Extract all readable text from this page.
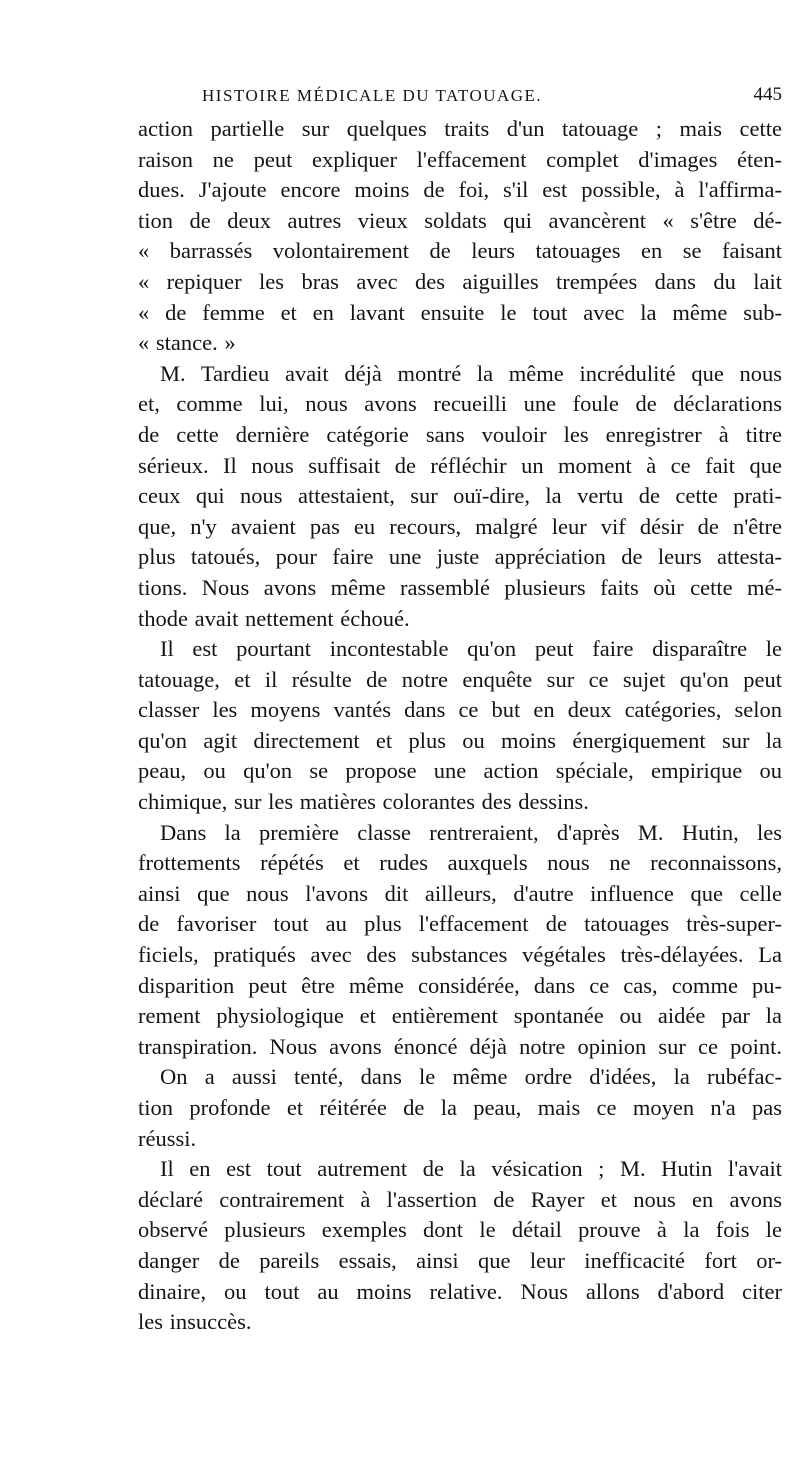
HISTOIRE MÉDICALE DU TATOUAGE.	445
action partielle sur quelques traits d'un tatouage ; mais cette
raison ne peut expliquer l'effacement complet d'images éten-
dues. J'ajoute encore moins de foi, s'il est possible, à l'affirma-
tion de deux autres vieux soldats qui avancèrent « s'être dé-
« barrassés volontairement de leurs tatouages en se faisant
« repiquer les bras avec des aiguilles trempées dans du lait
« de femme et en lavant ensuite le tout avec la même sub-
« stance. »
M. Tardieu avait déjà montré la même incrédulité que nous
et, comme lui, nous avons recueilli une foule de déclarations
de cette dernière catégorie sans vouloir les enregistrer à titre
sérieux. Il nous suffisait de réfléchir un moment à ce fait que
ceux qui nous attestaient, sur ouï-dire, la vertu de cette prati-
que, n'y avaient pas eu recours, malgré leur vif désir de n'être
plus tatoués, pour faire une juste appréciation de leurs attesta-
tions. Nous avons même rassemblé plusieurs faits où cette mé-
thode avait nettement échoué.
Il est pourtant incontestable qu'on peut faire disparaître le
tatouage, et il résulte de notre enquête sur ce sujet qu'on peut
classer les moyens vantés dans ce but en deux catégories, selon
qu'on agit directement et plus ou moins énergiquement sur la
peau, ou qu'on se propose une action spéciale, empirique ou
chimique, sur les matières colorantes des dessins.
Dans la première classe rentreraient, d'après M. Hutin, les
frottements répétés et rudes auxquels nous ne reconnaissons,
ainsi que nous l'avons dit ailleurs, d'autre influence que celle
de favoriser tout au plus l'effacement de tatouages très-super-
ficiels, pratiqués avec des substances végétales très-délayées. La
disparition peut être même considérée, dans ce cas, comme pu-
rement physiologique et entièrement spontanée ou aidée par la
transpiration. Nous avons énoncé déjà notre opinion sur ce point.
On a aussi tenté, dans le même ordre d'idées, la rubéfac-
tion profonde et réitérée de la peau, mais ce moyen n'a pas
réussi.
Il en est tout autrement de la vésication ; M. Hutin l'avait
déclaré contrairement à l'assertion de Rayer et nous en avons
observé plusieurs exemples dont le détail prouve à la fois le
danger de pareils essais, ainsi que leur inefficacité fort or-
dinaire, ou tout au moins relative. Nous allons d'abord citer
les insuccès.
